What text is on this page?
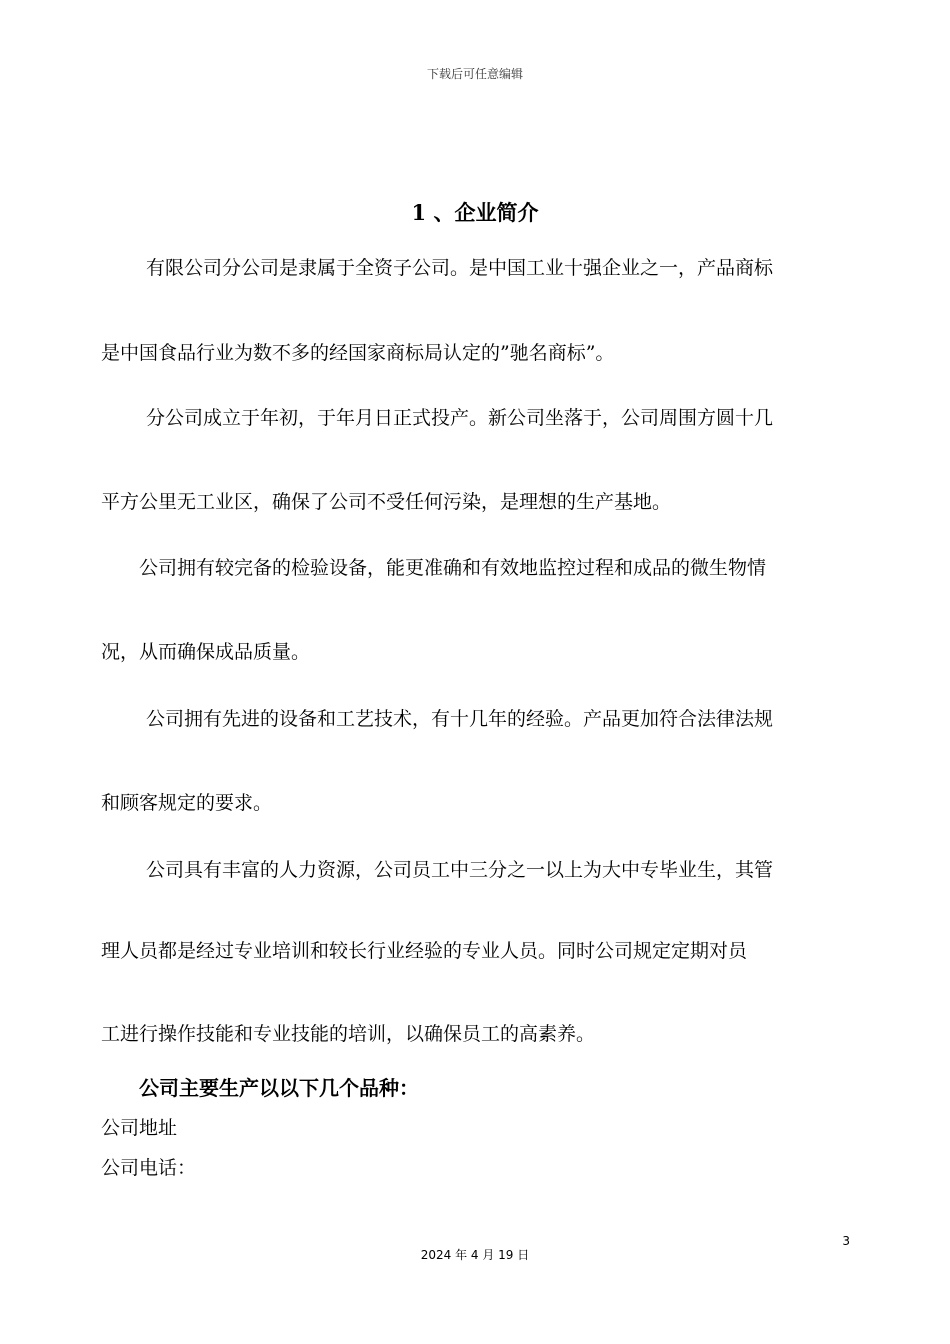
下载后可任意编辑
1 、企业简介
有限公司分公司是隶属于全资子公司。是中国工业十强企业之一，产品商标
是中国食品行业为数不多的经国家商标局认定的”驰名商标”。
分公司成立于年初，于年月日正式投产。新公司坐落于，公司周围方圆十几
平方公里无工业区，确保了公司不受任何污染，是理想的生产基地。
公司拥有较完备的检验设备，能更准确和有效地监控过程和成品的微生物情
况，从而确保成品质量。
公司拥有先进的设备和工艺技术，有十几年的经验。产品更加符合法律法规
和顾客规定的要求。
公司具有丰富的人力资源，公司员工中三分之一以上为大中专毕业生，其管
理人员都是经过专业培训和较长行业经验的专业人员。同时公司规定定期对员
工进行操作技能和专业技能的培训，以确保员工的高素养。
公司主要生产以以下几个品种：
公司地址
公司电话：
3
2024 年 4 月 19 日
